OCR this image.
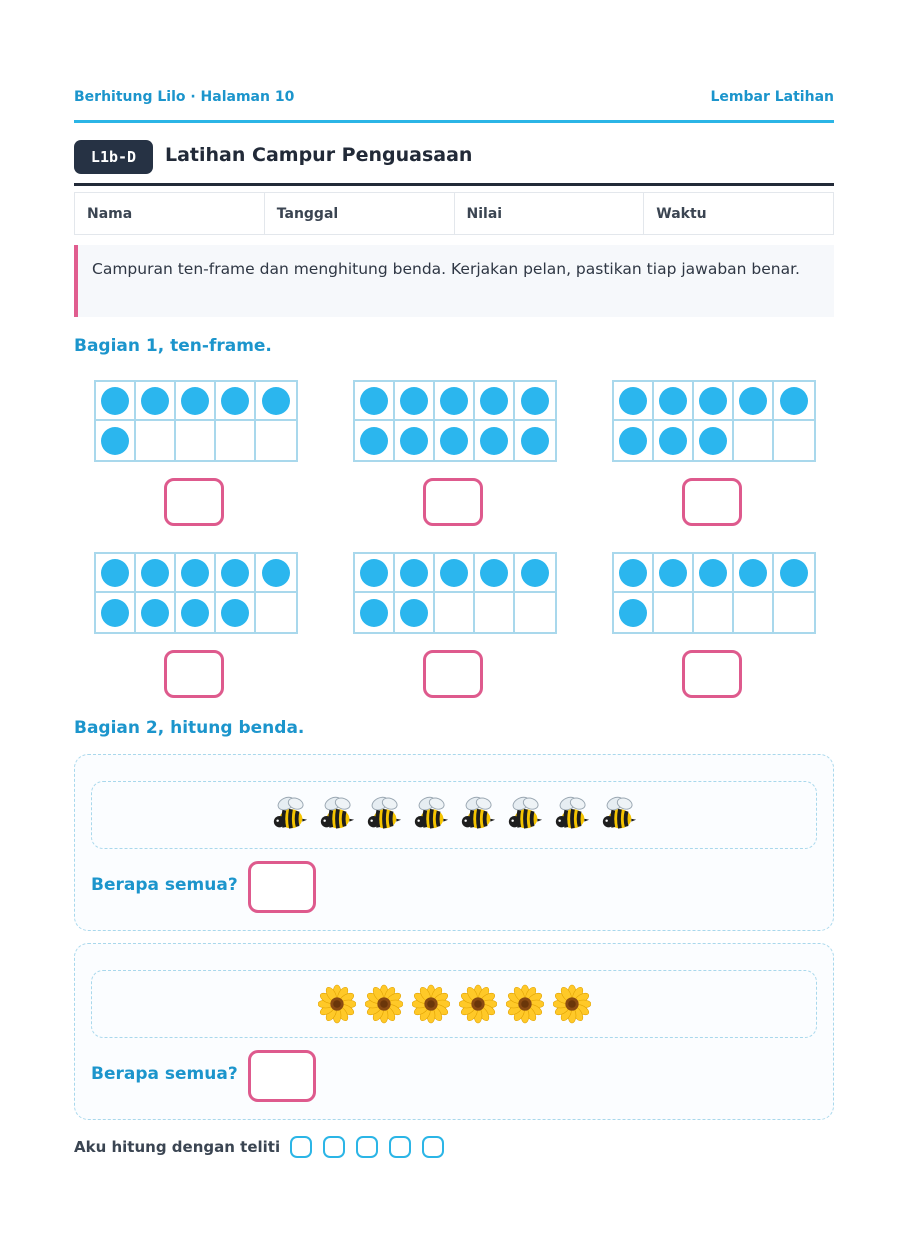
Berhitung Lilo · Halaman 10	Lembar Latihan
L1b-D	Latihan Campur Penguasaan
Nama	Tanggal	Nilai	Waktu
Campuran ten-frame dan menghitung benda. Kerjakan pelan, pastikan tiap jawaban benar.
Bagian 1, ten-frame.
Bagian 2, hitung benda.
Berapa semua?
Berapa semua?
Aku hitung dengan teliti
